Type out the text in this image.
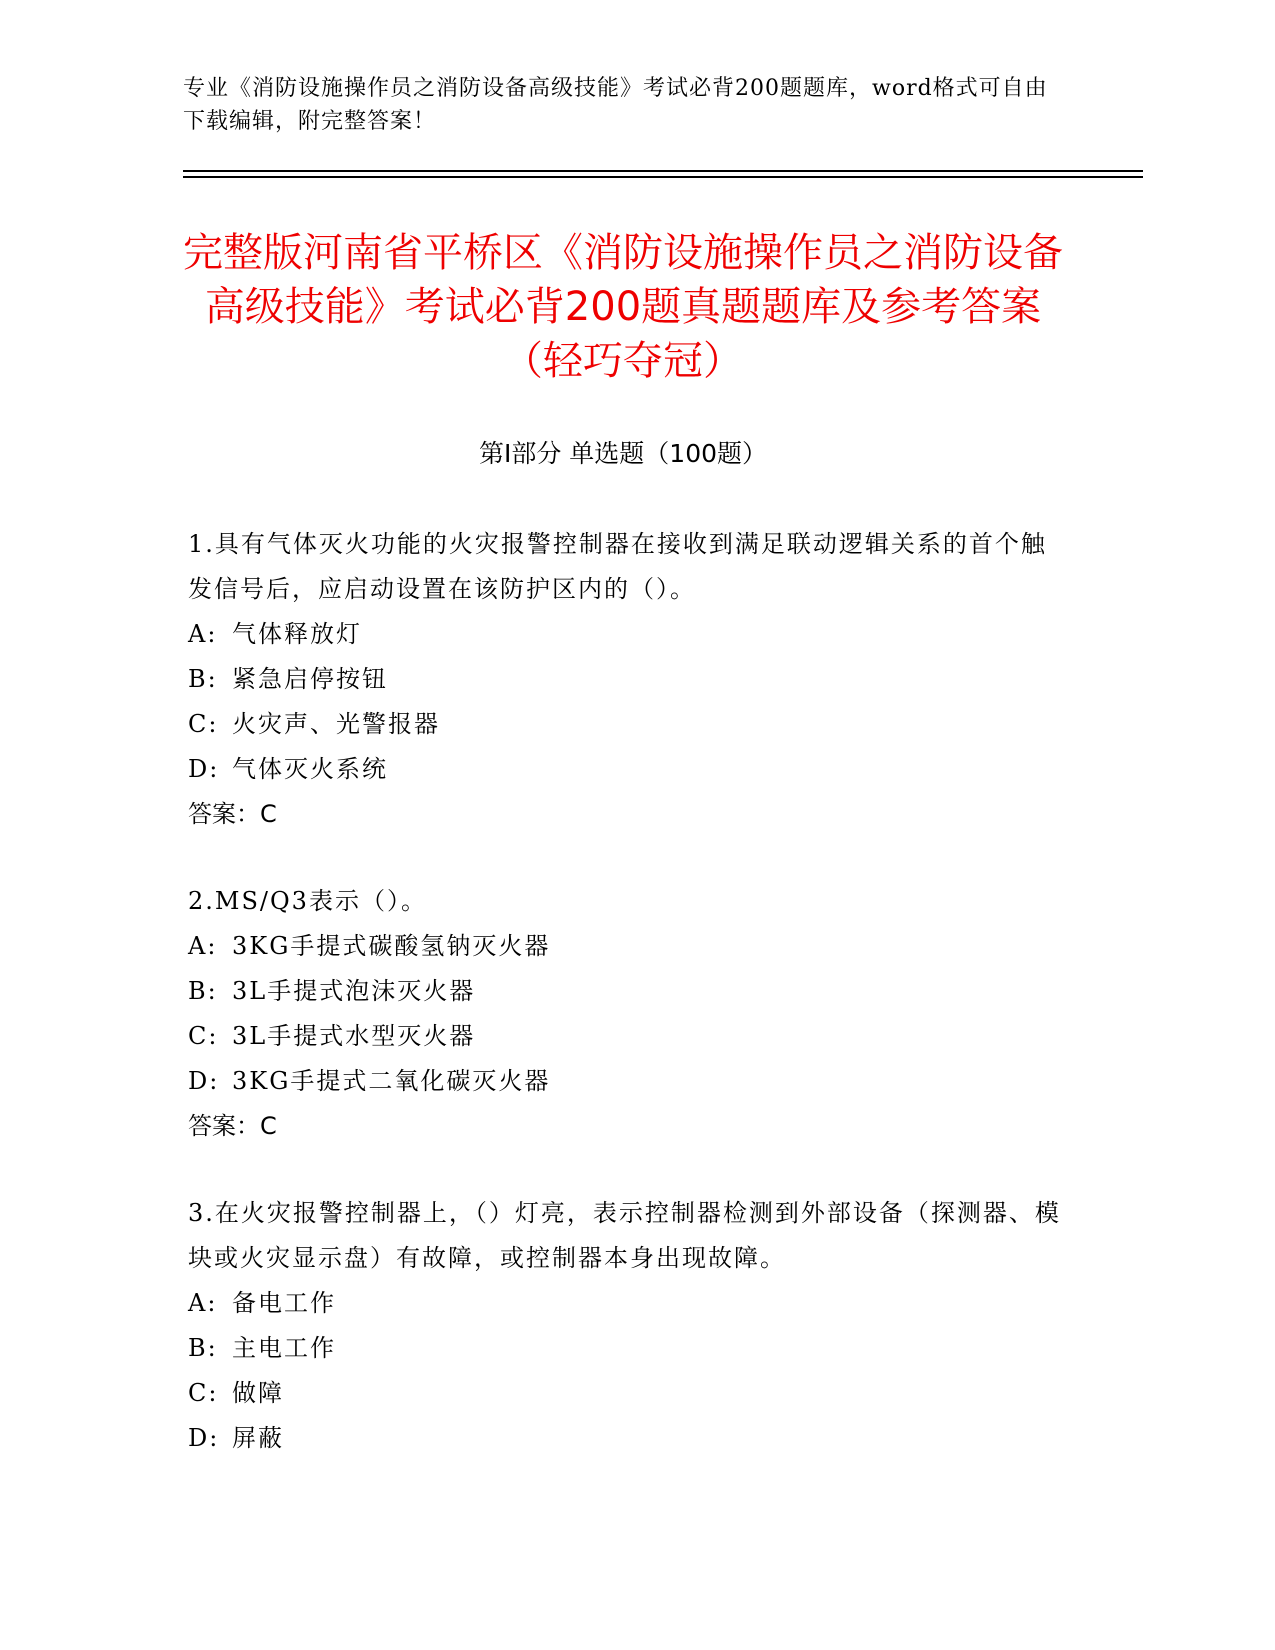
专业《消防设施操作员之消防设备高级技能》考试必背200题题库，word格式可自由下载编辑，附完整答案！
完整版河南省平桥区《消防设施操作员之消防设备高级技能》考试必背200题真题题库及参考答案（轻巧夺冠）
第I部分 单选题（100题）

1.具有气体灭火功能的火灾报警控制器在接收到满足联动逻辑关系的首个触发信号后，应启动设置在该防护区内的（）。

A: 气体释放灯

B: 紧急启停按钮

C: 火灾声、光警报器

D: 气体灭火系统

答案：C

2.MS/Q3表示（）。

A: 3KG手提式碳酸氢钠灭火器

B: 3L手提式泡沫灭火器

C: 3L手提式水型灭火器

D: 3KG手提式二氧化碳灭火器

答案：C

3.在火灾报警控制器上，（）灯亮，表示控制器检测到外部设备（探测器、模块或火灾显示盘）有故障，或控制器本身出现故障。

A: 备电工作

B: 主电工作

C: 做障

D: 屏蔽
